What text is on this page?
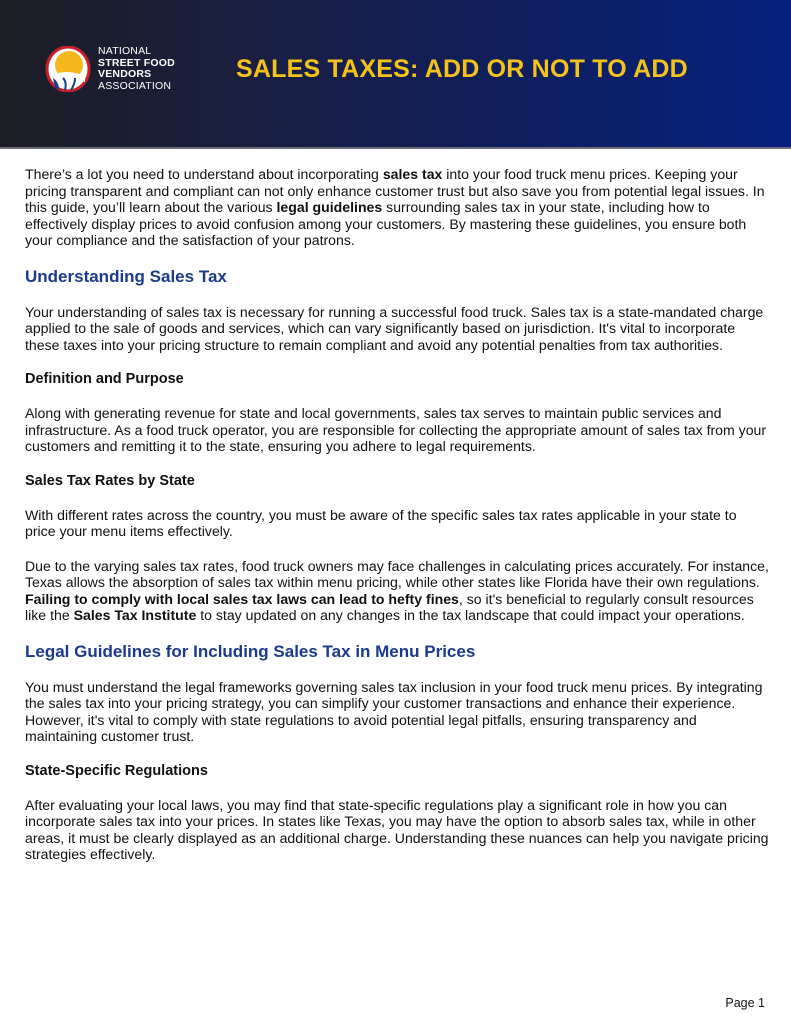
NATIONAL
STREET FOOD
VENDORS
ASSOCIATION
SALES TAXES: ADD OR NOT TO ADD

There’s a lot you need to understand about incorporating sales tax into your food truck menu prices. Keeping your pricing transparent and compliant can not only enhance customer trust but also save you from potential legal issues. In this guide, you’ll learn about the various legal guidelines surrounding sales tax in your state, including how to effectively display prices to avoid confusion among your customers. By mastering these guidelines, you ensure both your compliance and the satisfaction of your patrons.

Understanding Sales Tax

Your understanding of sales tax is necessary for running a successful food truck. Sales tax is a state-mandated charge applied to the sale of goods and services, which can vary significantly based on jurisdiction. It's vital to incorporate these taxes into your pricing structure to remain compliant and avoid any potential penalties from tax authorities.

Definition and Purpose

Along with generating revenue for state and local governments, sales tax serves to maintain public services and infrastructure. As a food truck operator, you are responsible for collecting the appropriate amount of sales tax from your customers and remitting it to the state, ensuring you adhere to legal requirements.

Sales Tax Rates by State

With different rates across the country, you must be aware of the specific sales tax rates applicable in your state to price your menu items effectively.

Due to the varying sales tax rates, food truck owners may face challenges in calculating prices accurately. For instance, Texas allows the absorption of sales tax within menu pricing, while other states like Florida have their own regulations. Failing to comply with local sales tax laws can lead to hefty fines, so it's beneficial to regularly consult resources like the Sales Tax Institute to stay updated on any changes in the tax landscape that could impact your operations.

Legal Guidelines for Including Sales Tax in Menu Prices

You must understand the legal frameworks governing sales tax inclusion in your food truck menu prices. By integrating the sales tax into your pricing strategy, you can simplify your customer transactions and enhance their experience. However, it's vital to comply with state regulations to avoid potential legal pitfalls, ensuring transparency and maintaining customer trust.

State-Specific Regulations

After evaluating your local laws, you may find that state-specific regulations play a significant role in how you can incorporate sales tax into your prices. In states like Texas, you may have the option to absorb sales tax, while in other areas, it must be clearly displayed as an additional charge. Understanding these nuances can help you navigate pricing strategies effectively.

Page 1
